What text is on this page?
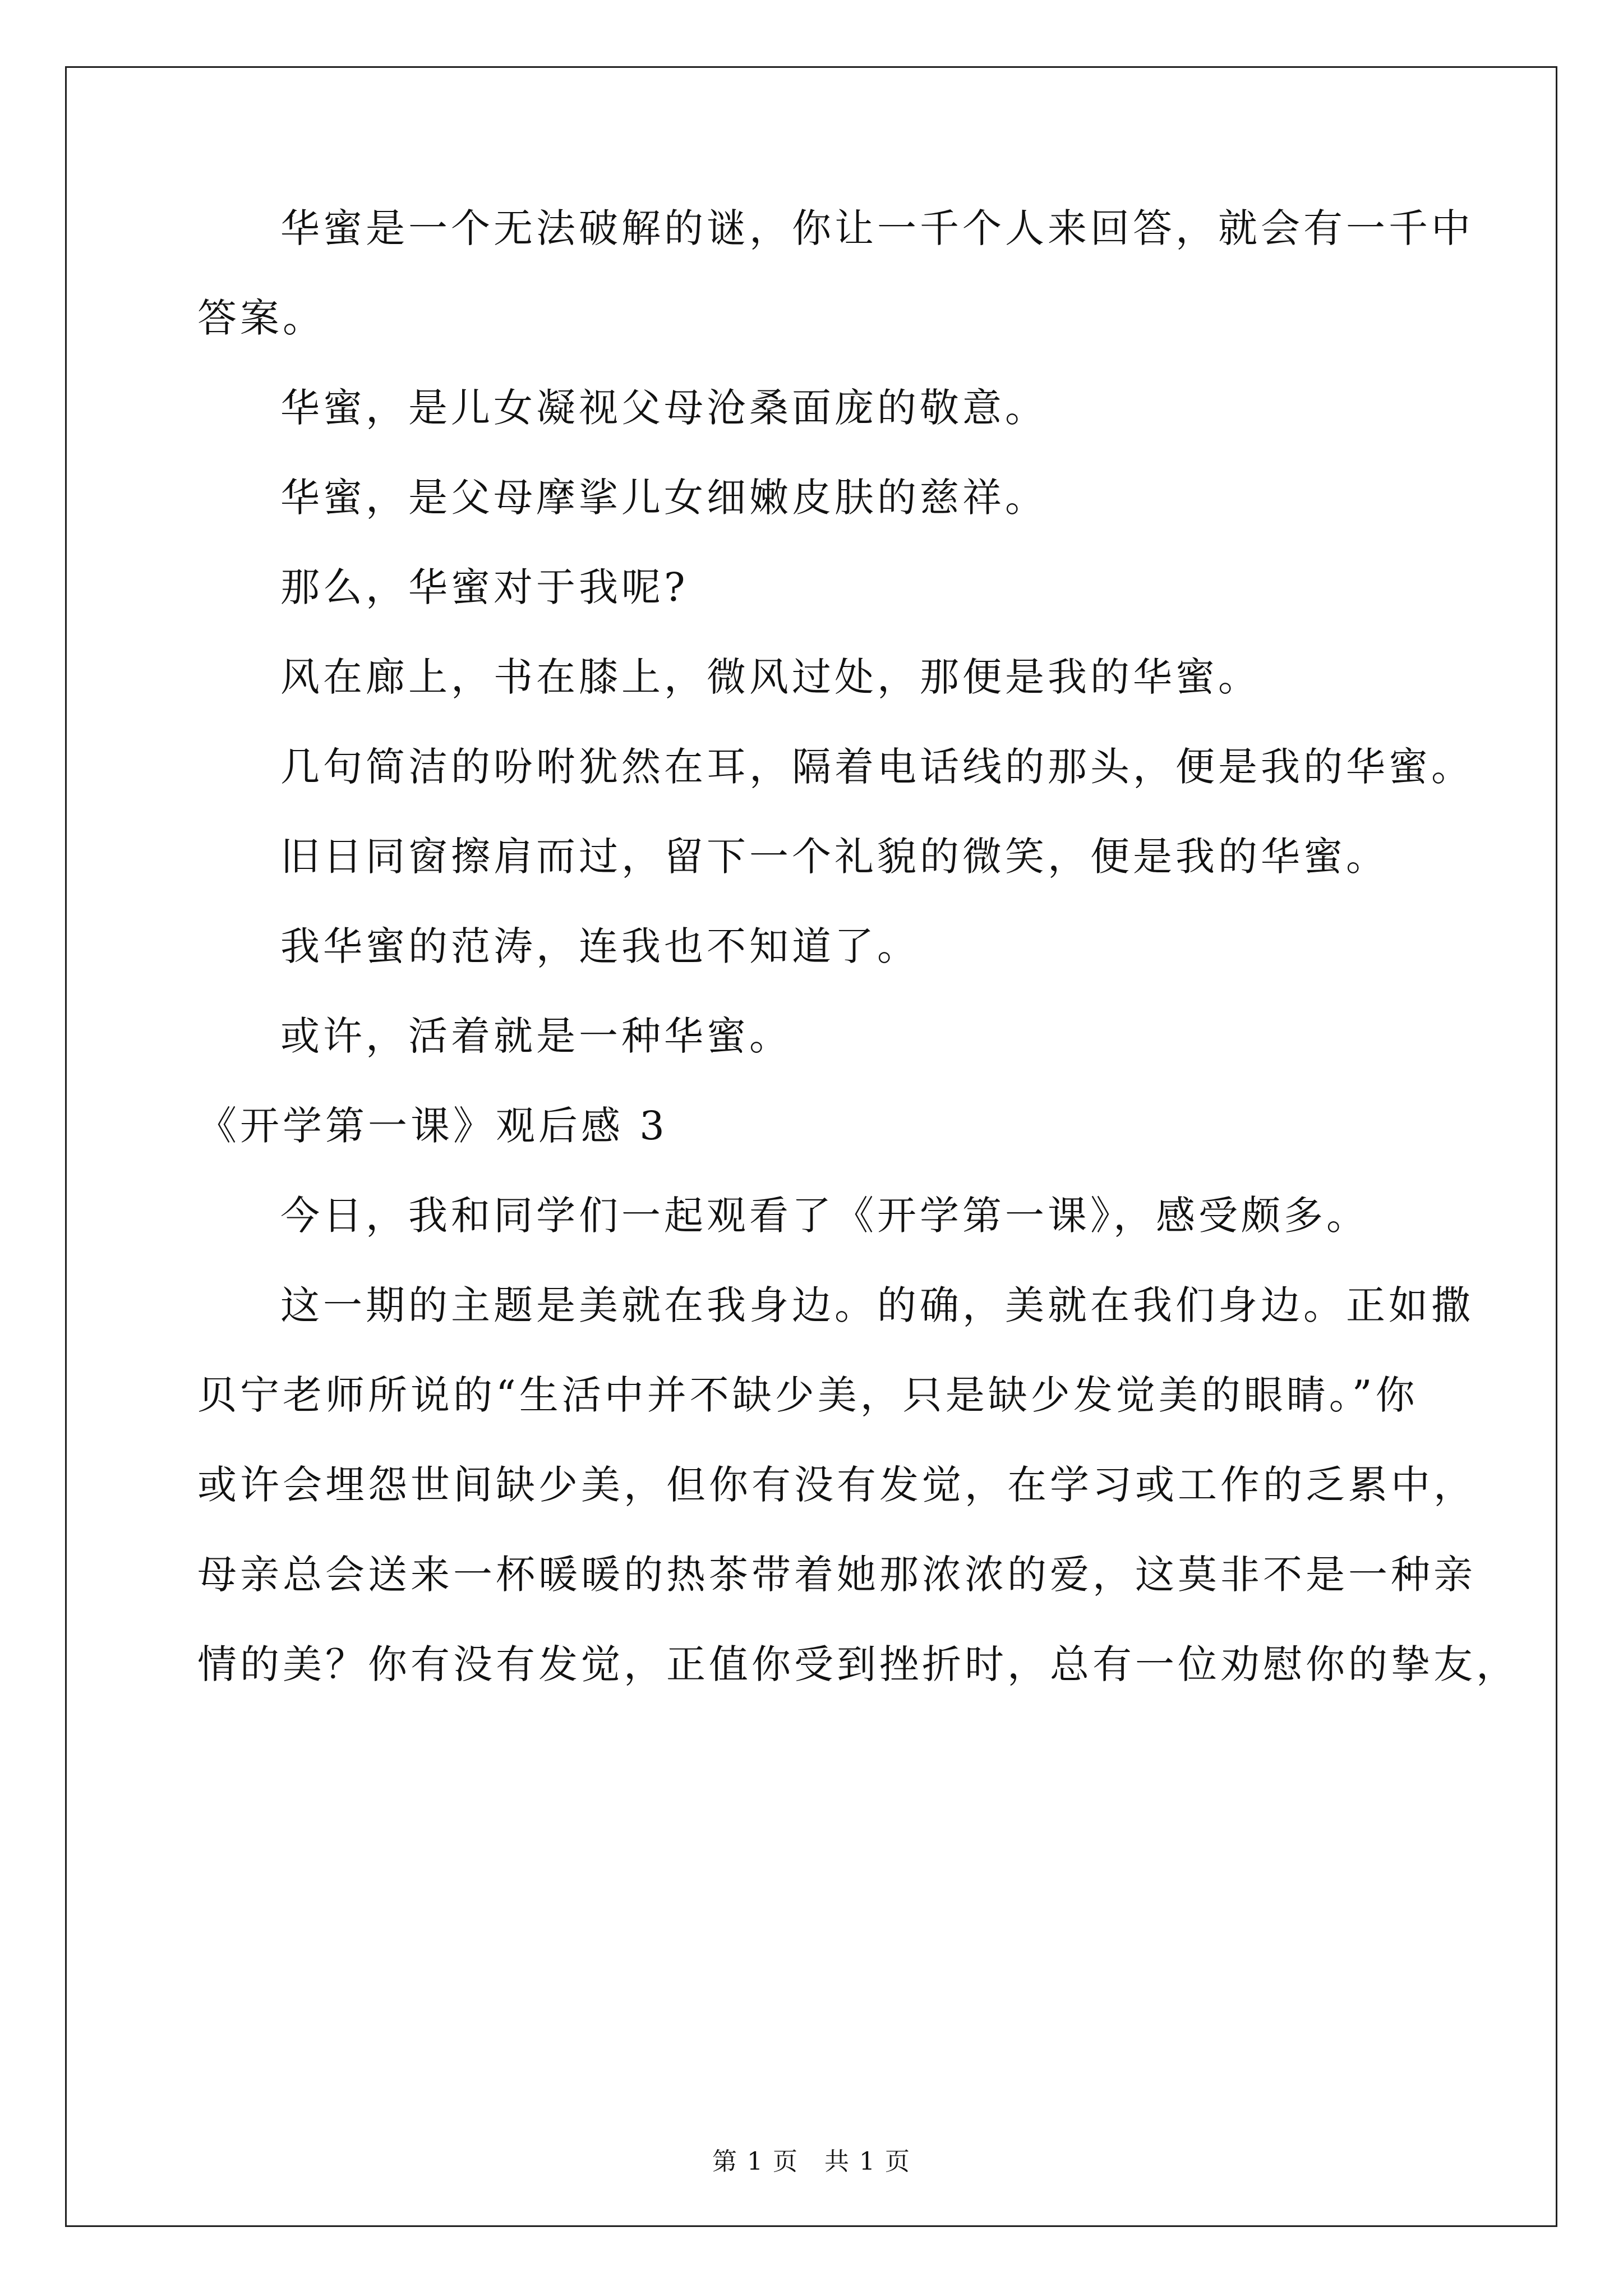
华蜜是一个无法破解的谜，你让一千个人来回答，就会有一千中
答案。
华蜜，是儿女凝视父母沧桑面庞的敬意。
华蜜，是父母摩挲儿女细嫩皮肤的慈祥。
那么，华蜜对于我呢?
风在廊上，书在膝上，微风过处，那便是我的华蜜。
几句简洁的吩咐犹然在耳，隔着电话线的那头，便是我的华蜜。
旧日同窗擦肩而过，留下一个礼貌的微笑，便是我的华蜜。
我华蜜的范涛，连我也不知道了。
或许，活着就是一种华蜜。
《开学第一课》观后感 3
今日，我和同学们一起观看了《开学第一课》，感受颇多。
这一期的主题是美就在我身边。的确，美就在我们身边。正如撒
贝宁老师所说的“生活中并不缺少美，只是缺少发觉美的眼睛。”你
或许会埋怨世间缺少美，但你有没有发觉，在学习或工作的乏累中，
母亲总会送来一杯暖暖的热茶带着她那浓浓的爱，这莫非不是一种亲
情的美？你有没有发觉，正值你受到挫折时，总有一位劝慰你的挚友，
第 1 页　共 1 页
